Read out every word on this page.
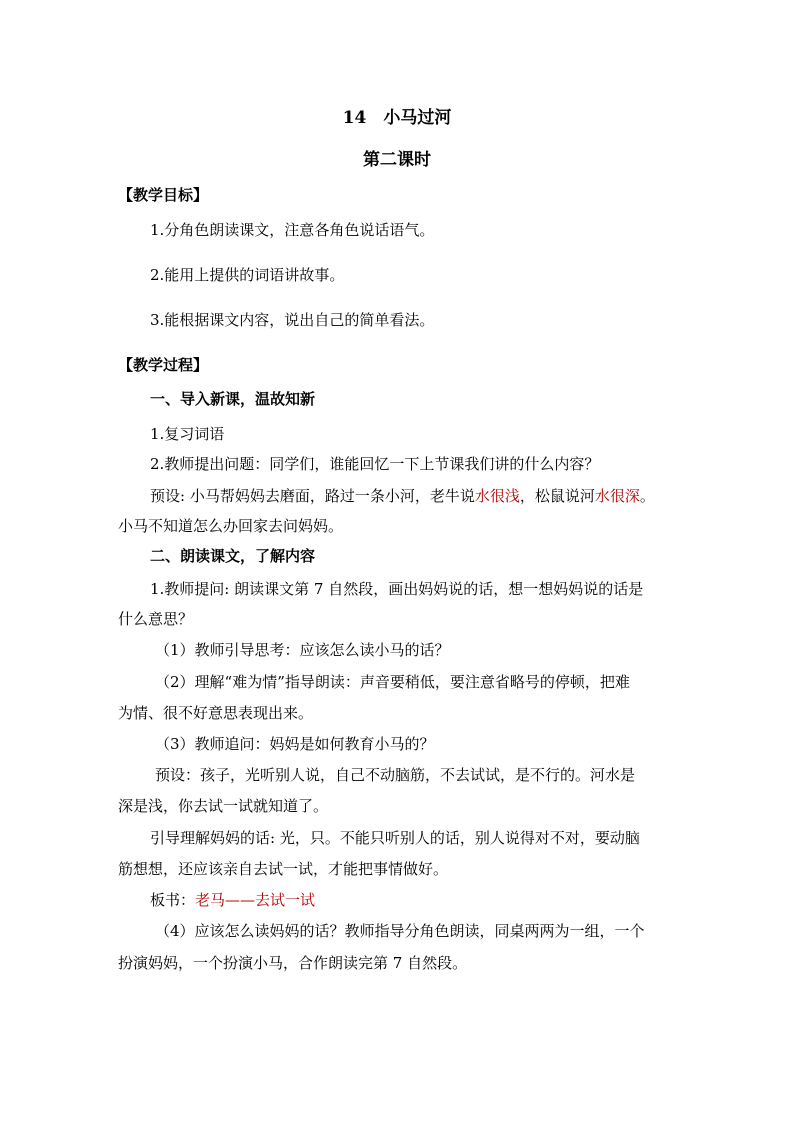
14　小马过河
第二课时
【教学目标】
1.分角色朗读课文，注意各角色说话语气。
2.能用上提供的词语讲故事。
3.能根据课文内容，说出自己的简单看法。
【教学过程】
一、导入新课，温故知新
1.复习词语
2.教师提出问题：同学们，谁能回忆一下上节课我们讲的什么内容？
预设: 小马帮妈妈去磨面，路过一条小河，老牛说水很浅，松鼠说河水很深。
小马不知道怎么办回家去问妈妈。
二、朗读课文，了解内容
1.教师提问: 朗读课文第 7 自然段，画出妈妈说的话，想一想妈妈说的话是
什么意思？
（1）教师引导思考：应该怎么读小马的话？
（2）理解“难为情”指导朗读：声音要稍低，要注意省略号的停顿，把难
为情、很不好意思表现出来。
（3）教师追问：妈妈是如何教育小马的？
预设：孩子，光听别人说，自己不动脑筋，不去试试，是不行的。河水是
深是浅，你去试一试就知道了。
引导理解妈妈的话: 光，只。不能只听别人的话，别人说得对不对，要动脑
筋想想，还应该亲自去试一试，才能把事情做好。
板书：老马——去试一试
（4）应该怎么读妈妈的话？教师指导分角色朗读，同桌两两为一组，一个
扮演妈妈，一个扮演小马，合作朗读完第 7 自然段。
